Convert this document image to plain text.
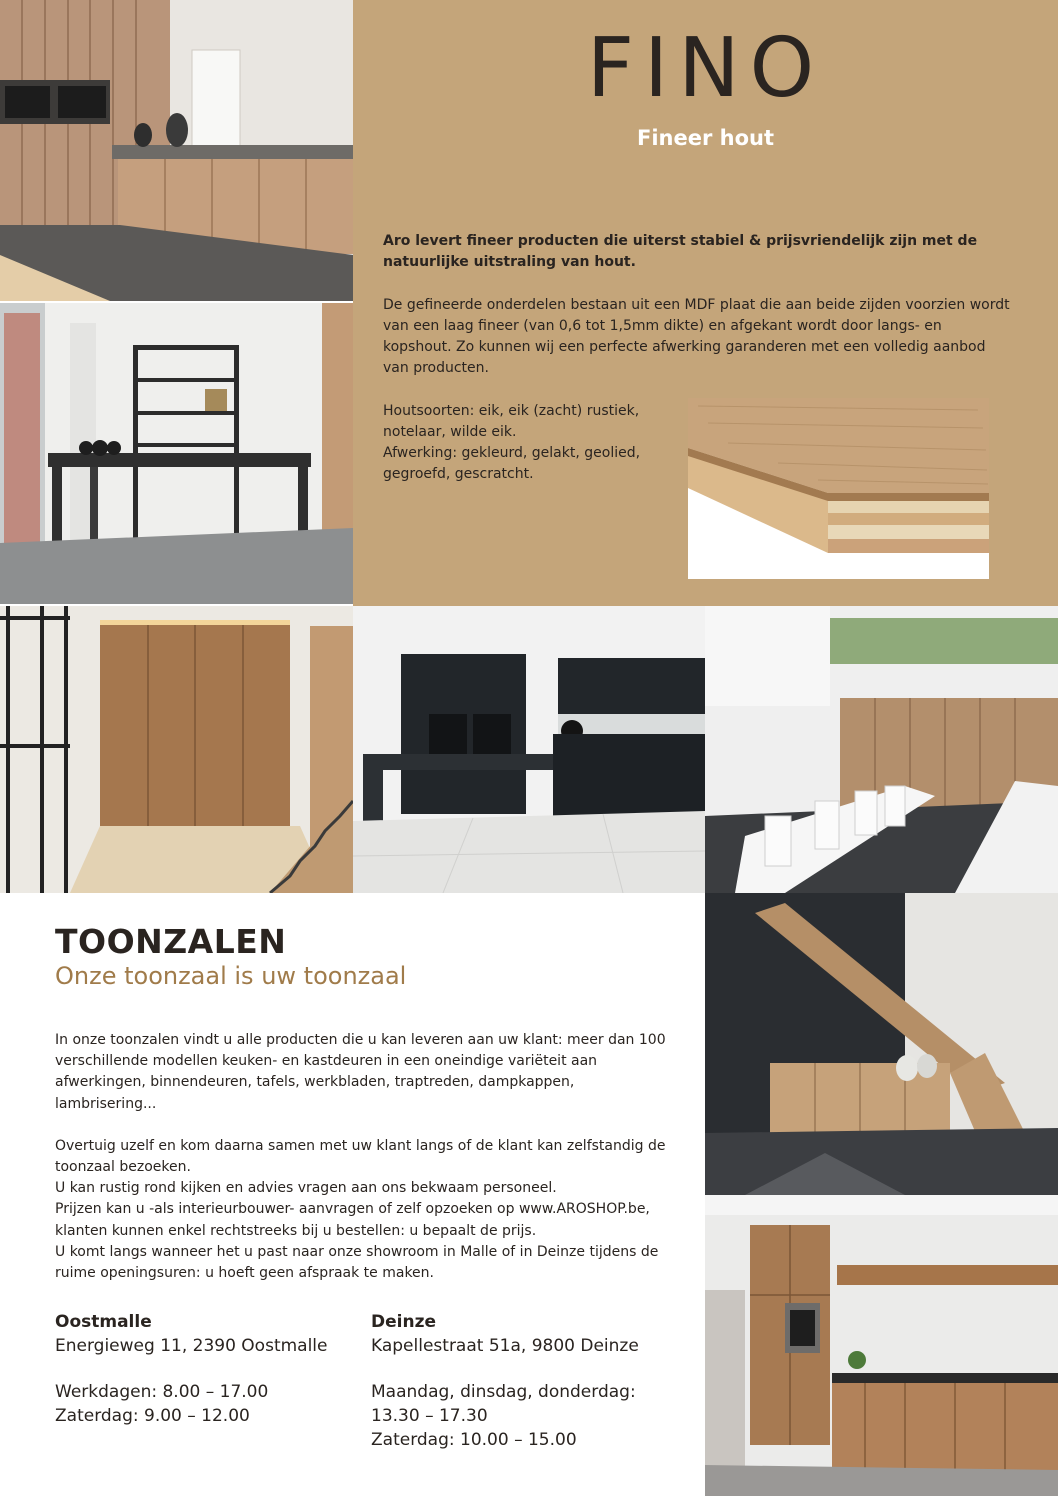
FINO
Fineer hout
Aro levert fineer producten die uiterst stabiel & prijsvriendelijk zijn met de natuurlijke uitstraling van hout.
De gefineerde onderdelen bestaan uit een MDF plaat die aan beide zijden voorzien wordt van een laag fineer (van 0,6 tot 1,5mm dikte) en afgekant wordt door langs- en kopshout. Zo kunnen wij een perfecte afwerking garanderen met een volledig aanbod van producten.
Houtsoorten: eik, eik (zacht) rustiek,
notelaar, wilde eik.
Afwerking: gekleurd, gelakt, geolied,
gegroefd, gescratcht.
TOONZALEN
Onze toonzaal is uw toonzaal

In onze toonzalen vindt u alle producten die u kan leveren aan uw klant: meer dan 100 verschillende modellen keuken- en kastdeuren in een oneindige variëteit aan afwerkingen, binnendeuren, tafels, werkbladen, traptreden, dampkappen, lambrisering...

Overtuig uzelf en kom daarna samen met uw klant langs of de klant kan zelfstandig de toonzaal bezoeken.
U kan rustig rond kijken en advies vragen aan ons bekwaam personeel.
Prijzen kan u -als interieurbouwer- aanvragen of zelf opzoeken op www.AROSHOP.be, klanten kunnen enkel rechtstreeks bij u bestellen: u bepaalt de prijs.
U komt langs wanneer het u past naar onze showroom in Malle of in Deinze tijdens de ruime openingsuren: u hoeft geen afspraak te maken.
Oostmalle
Energieweg 11, 2390 Oostmalle
Werkdagen: 8.00 – 17.00
Zaterdag: 9.00 – 12.00
Deinze
Kapellestraat 51a, 9800 Deinze
Maandag, dinsdag, donderdag:
13.30 – 17.30
Zaterdag: 10.00 – 15.00
